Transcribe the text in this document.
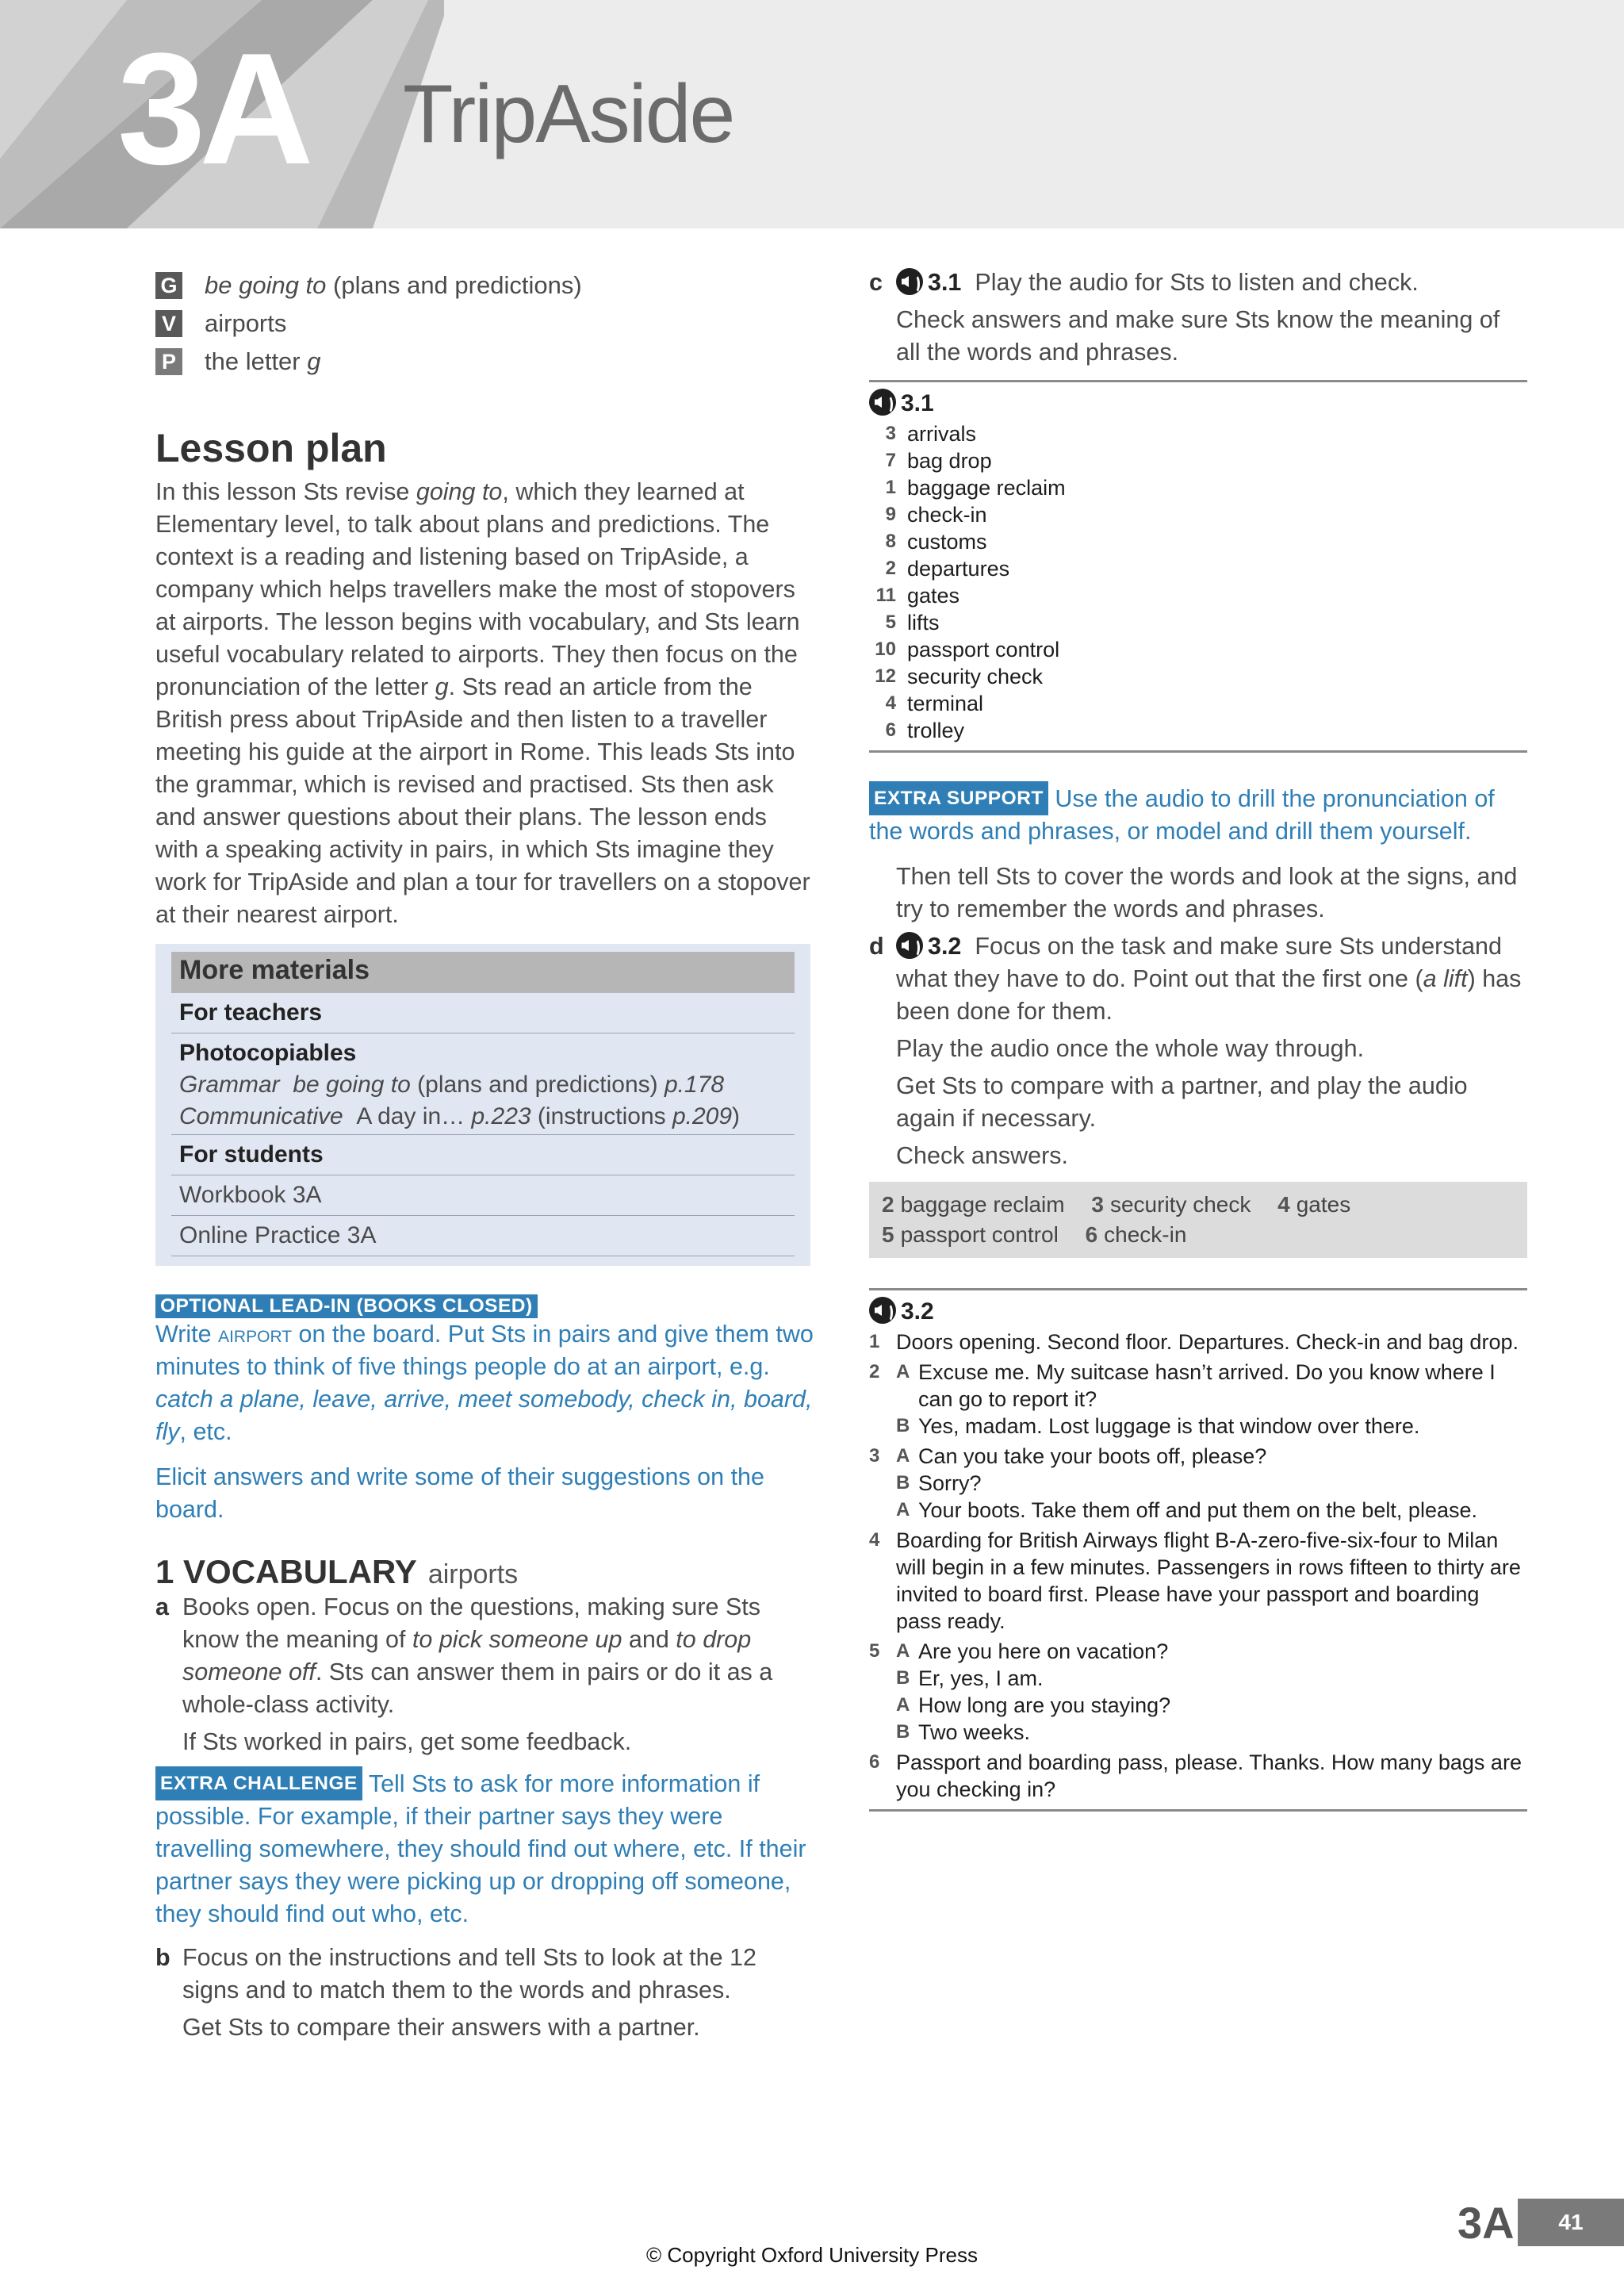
3A TripAside
G be going to (plans and predictions)
V airports
P the letter g
Lesson plan

In this lesson Sts revise going to, which they learned at Elementary level, to talk about plans and predictions. The context is a reading and listening based on TripAside, a company which helps travellers make the most of stopovers at airports. The lesson begins with vocabulary, and Sts learn useful vocabulary related to airports. They then focus on the pronunciation of the letter g. Sts read an article from the British press about TripAside and then listen to a traveller meeting his guide at the airport in Rome. This leads Sts into the grammar, which is revised and practised. Sts then ask and answer questions about their plans. The lesson ends with a speaking activity in pairs, in which Sts imagine they work for TripAside and plan a tour for travellers on a stopover at their nearest airport.

More materials
For teachers
Photocopiables
Grammar be going to (plans and predictions) p.178
Communicative A day in… p.223 (instructions p.209)
For students
Workbook 3A
Online Practice 3A
OPTIONAL LEAD-IN (BOOKS CLOSED)

Write airport on the board. Put Sts in pairs and give them two minutes to think of five things people do at an airport, e.g. catch a plane, leave, arrive, meet somebody, check in, board, fly, etc.

Elicit answers and write some of their suggestions on the board.

1 VOCABULARY airports
a Books open. Focus on the questions, making sure Sts know the meaning of to pick someone up and to drop someone off. Sts can answer them in pairs or do it as a whole-class activity.

If Sts worked in pairs, get some feedback.

EXTRA CHALLENGE Tell Sts to ask for more information if possible. For example, if their partner says they were travelling somewhere, they should find out where, etc. If their partner says they were picking up or dropping off someone, they should find out who, etc.

b Focus on the instructions and tell Sts to look at the 12 signs and to match them to the words and phrases.

Get Sts to compare their answers with a partner.

c	3.1 Play the audio for Sts to listen and check.

Check answers and make sure Sts know the meaning of all the words and phrases.

3.1
3 arrivals
7 bag drop
1 baggage reclaim
9 check-in
8 customs
2 departures
11 gates
5 lifts
10 passport control
12 security check
4 terminal
6 trolley

EXTRA SUPPORT Use the audio to drill the pronunciation of the words and phrases, or model and drill them yourself.

Then tell Sts to cover the words and look at the signs, and try to remember the words and phrases.

d	3.2 Focus on the task and make sure Sts understand what they have to do. Point out that the first one (a lift) has been done for them.

Play the audio once the whole way through.

Get Sts to compare with a partner, and play the audio again if necessary.

Check answers.

2 baggage reclaim 3 security check 4 gates
5 passport control 6 check-in
3.2
1 Doors opening. Second floor. Departures. Check-in and bag drop.
2 A Excuse me. My suitcase hasn’t arrived. Do you know where I can go to report it?
B Yes, madam. Lost luggage is that window over there.
3 A Can you take your boots off, please?
B Sorry?
A Your boots. Take them off and put them on the belt, please.
4 Boarding for British Airways flight B-A-zero-five-six-four to Milan will begin in a few minutes. Passengers in rows fifteen to thirty are invited to board first. Please have your passport and boarding pass ready.
5 A Are you here on vacation?
B Er, yes, I am.
A How long are you staying?
B Two weeks.
6 Passport and boarding pass, please. Thanks. How many bags are you checking in?
3A	41
© Copyright Oxford University Press
